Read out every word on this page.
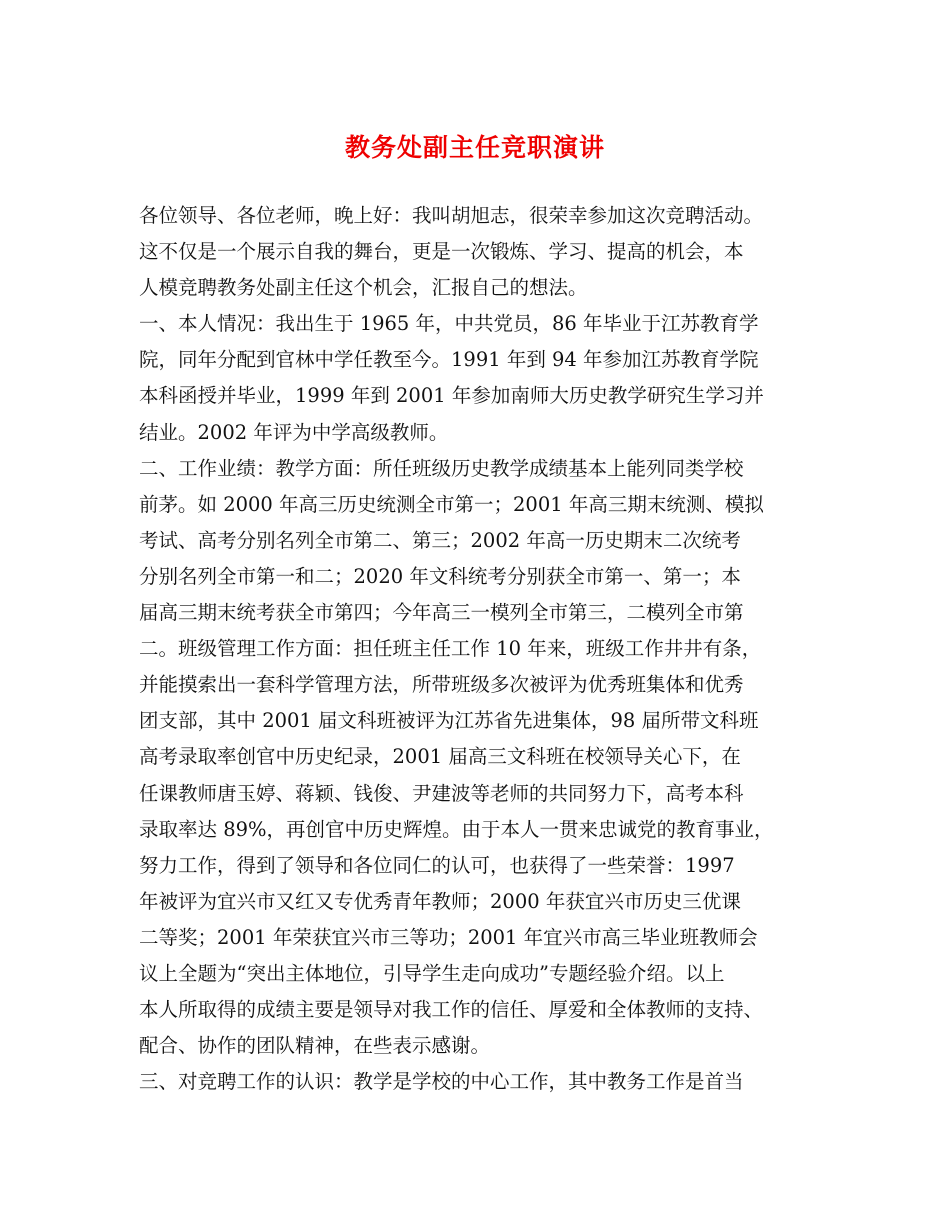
教务处副主任竞职演讲
各位领导、各位老师，晚上好：我叫胡旭志，很荣幸参加这次竞聘活动。
这不仅是一个展示自我的舞台，更是一次锻炼、学习、提高的机会，本
人模竞聘教务处副主任这个机会，汇报自己的想法。
一、本人情况：我出生于 1965 年，中共党员，86 年毕业于江苏教育学
院，同年分配到官林中学任教至今。1991 年到 94 年参加江苏教育学院
本科函授并毕业，1999 年到 2001 年参加南师大历史教学研究生学习并
结业。2002 年评为中学高级教师。
二、工作业绩：教学方面：所任班级历史教学成绩基本上能列同类学校
前茅。如 2000 年高三历史统测全市第一；2001 年高三期末统测、模拟
考试、高考分别名列全市第二、第三；2002 年高一历史期末二次统考
分别名列全市第一和二；2020 年文科统考分别获全市第一、第一；本
届高三期末统考获全市第四；今年高三一模列全市第三，二模列全市第
二。班级管理工作方面：担任班主任工作 10 年来，班级工作井井有条，
并能摸索出一套科学管理方法，所带班级多次被评为优秀班集体和优秀
团支部，其中 2001 届文科班被评为江苏省先进集体，98 届所带文科班
高考录取率创官中历史纪录，2001 届高三文科班在校领导关心下，在
任课教师唐玉婷、蒋颖、钱俊、尹建波等老师的共同努力下，高考本科
录取率达 89%，再创官中历史辉煌。由于本人一贯来忠诚党的教育事业，
努力工作，得到了领导和各位同仁的认可，也获得了一些荣誉：1997
年被评为宜兴市又红又专优秀青年教师；2000 年获宜兴市历史三优课
二等奖；2001 年荣获宜兴市三等功；2001 年宜兴市高三毕业班教师会
议上全题为“突出主体地位，引导学生走向成功”专题经验介绍。以上
本人所取得的成绩主要是领导对我工作的信任、厚爱和全体教师的支持、
配合、协作的团队精神，在些表示感谢。
三、对竞聘工作的认识：教学是学校的中心工作，其中教务工作是首当
